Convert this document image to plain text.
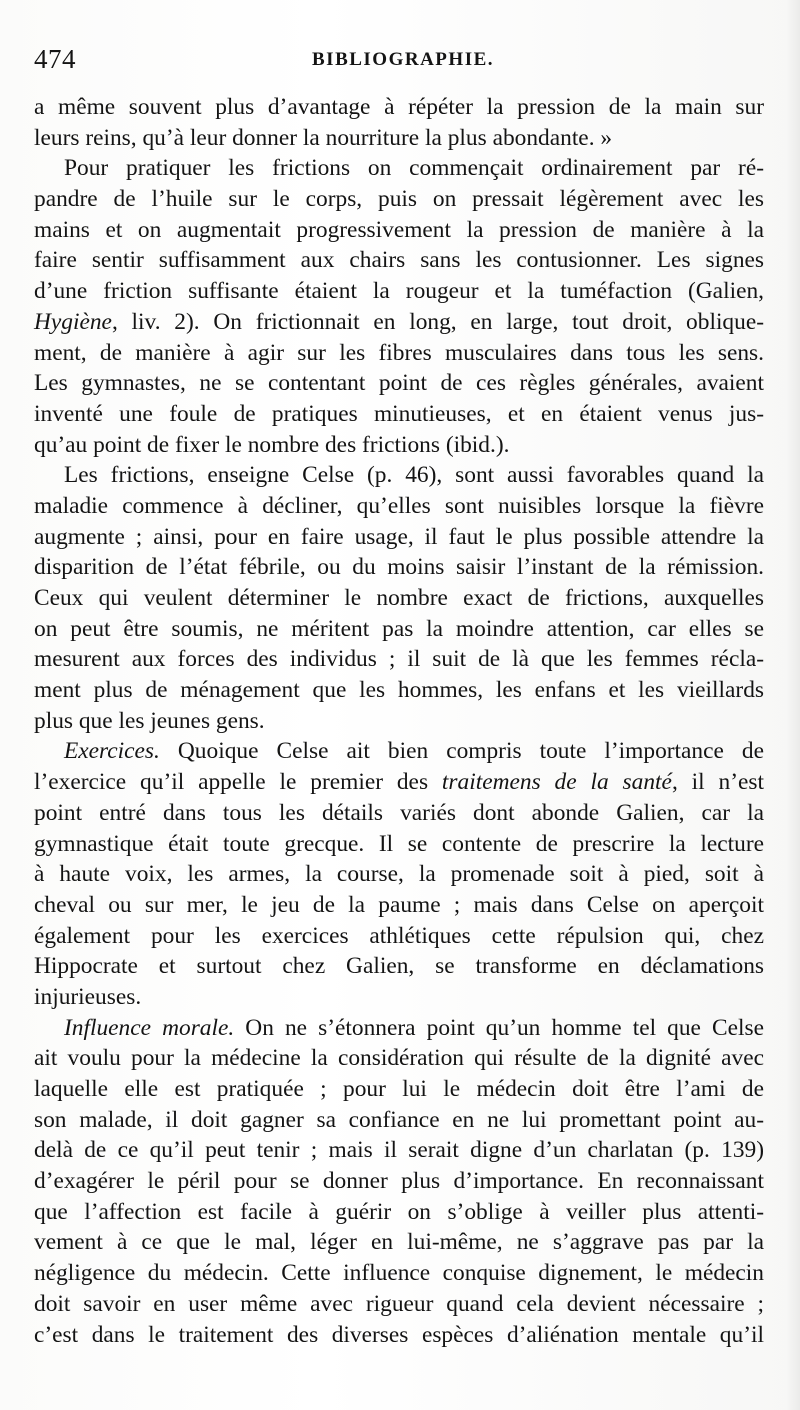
474	BIBLIOGRAPHIE.
a même souvent plus d’avantage à répéter la pression de la main sur
leurs reins, qu’à leur donner la nourriture la plus abondante. »
Pour pratiquer les frictions on commençait ordinairement par ré-
pandre de l’huile sur le corps, puis on pressait légèrement avec les
mains et on augmentait progressivement la pression de manière à la
faire sentir suffisamment aux chairs sans les contusionner. Les signes
d’une friction suffisante étaient la rougeur et la tuméfaction (Galien,
Hygiène, liv. 2). On frictionnait en long, en large, tout droit, oblique-
ment, de manière à agir sur les fibres musculaires dans tous les sens.
Les gymnastes, ne se contentant point de ces règles générales, avaient
inventé une foule de pratiques minutieuses, et en étaient venus jus-
qu’au point de fixer le nombre des frictions (ibid.).
Les frictions, enseigne Celse (p. 46), sont aussi favorables quand la
maladie commence à décliner, qu’elles sont nuisibles lorsque la fièvre
augmente ; ainsi, pour en faire usage, il faut le plus possible attendre la
disparition de l’état fébrile, ou du moins saisir l’instant de la rémission.
Ceux qui veulent déterminer le nombre exact de frictions, auxquelles
on peut être soumis, ne méritent pas la moindre attention, car elles se
mesurent aux forces des individus ; il suit de là que les femmes récla-
ment plus de ménagement que les hommes, les enfans et les vieillards
plus que les jeunes gens.
Exercices. Quoique Celse ait bien compris toute l’importance de
l’exercice qu’il appelle le premier des traitemens de la santé, il n’est
point entré dans tous les détails variés dont abonde Galien, car la
gymnastique était toute grecque. Il se contente de prescrire la lecture
à haute voix, les armes, la course, la promenade soit à pied, soit à
cheval ou sur mer, le jeu de la paume ; mais dans Celse on aperçoit
également pour les exercices athlétiques cette répulsion qui, chez
Hippocrate et surtout chez Galien, se transforme en déclamations
injurieuses.
Influence morale. On ne s’étonnera point qu’un homme tel que Celse
ait voulu pour la médecine la considération qui résulte de la dignité avec
laquelle elle est pratiquée ; pour lui le médecin doit être l’ami de
son malade, il doit gagner sa confiance en ne lui promettant point au-
delà de ce qu’il peut tenir ; mais il serait digne d’un charlatan (p. 139)
d’exagérer le péril pour se donner plus d’importance. En reconnaissant
que l’affection est facile à guérir on s’oblige à veiller plus attenti-
vement à ce que le mal, léger en lui-même, ne s’aggrave pas par la
négligence du médecin. Cette influence conquise dignement, le médecin
doit savoir en user même avec rigueur quand cela devient nécessaire ;
c’est dans le traitement des diverses espèces d’aliénation mentale qu’il
